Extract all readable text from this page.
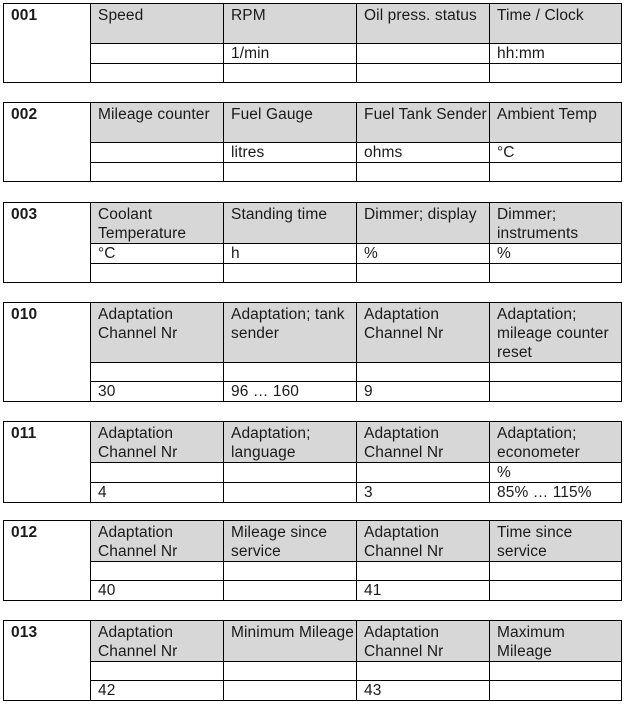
001	Speed	RPM	Oil press. status	Time / Clock
		1/min		hh:mm

002	Mileage counter	Fuel Gauge	Fuel Tank Sender	Ambient Temp
		litres	ohms	°C

003	Coolant Temperature	Standing time	Dimmer; display	Dimmer; instruments
	°C	h	%	%

010	Adaptation Channel Nr	Adaptation; tank sender	Adaptation Channel Nr	Adaptation; mileage counter reset

	30	96 … 160	9	
011	Adaptation Channel Nr	Adaptation; language	Adaptation Channel Nr	Adaptation; econometer
				%
	4		3	85% … 115%
012	Adaptation Channel Nr	Mileage since service	Adaptation Channel Nr	Time since service

	40		41	
013	Adaptation Channel Nr	Minimum Mileage	Adaptation Channel Nr	Maximum Mileage

	42		43	
